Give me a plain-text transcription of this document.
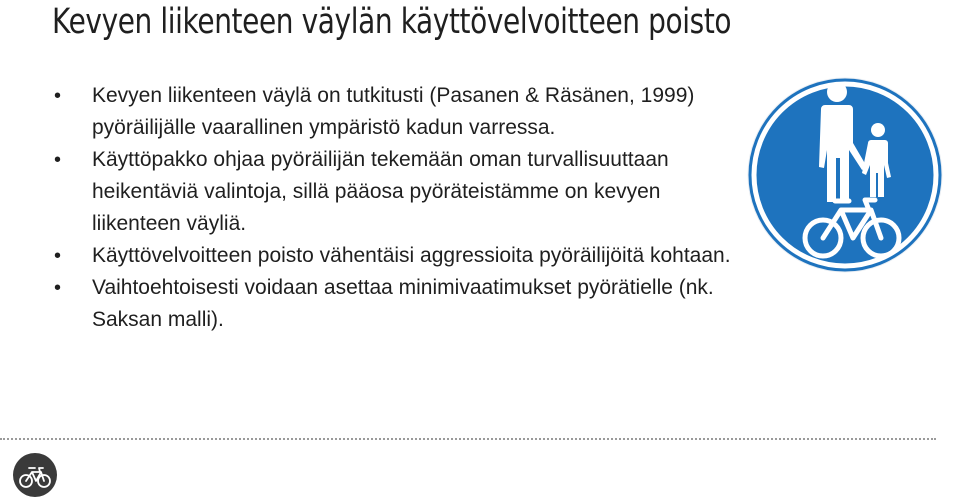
Kevyen liikenteen väylän käyttövelvoitteen poisto
• Kevyen liikenteen väylä on tutkitusti (Pasanen & Räsänen, 1999) pyöräilijälle vaarallinen ympäristö kadun varressa.
• Käyttöpakko ohjaa pyöräilijän tekemään oman turvallisuuttaan heikentäviä valintoja, sillä pääosa pyöräteistämme on kevyen liikenteen väyliä.
• Käyttövelvoitteen poisto vähentäisi aggressioita pyöräilijöitä kohtaan.
• Vaihtoehtoisesti voidaan asettaa minimivaatimukset pyörätielle (nk. Saksan malli).
